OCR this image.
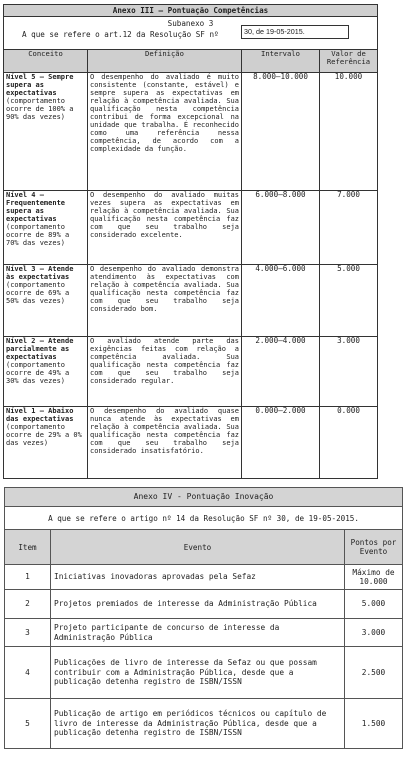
Anexo III – Pontuação Competências			

Subanexo 3
A que se refere o art.12 da Resolução SF nº 30, de 19-05-2015.			

Conceito	Definição	Intervalo	Valor de Referência

Nível 5 – Sempre supera as expectativas
(comportamento ocorre de 100% a 90% das vezes)	O desempenho do avaliado é muito consistente (constante, estável) e sempre supera as expectativas em relação à competência avaliada. Sua qualificação nesta competência contribui de forma excepcional na unidade que trabalha. É reconhecido como uma referência nessa competência, de acordo com a complexidade da função.	8.000–10.000	10.000

Nível 4 – Frequentemente supera as expectativas
(comportamento ocorre de 89% a 70% das vezes)	O desempenho do avaliado muitas vezes supera as expectativas em relação à competência avaliada. Sua qualificação nesta competência faz com que seu trabalho seja considerado excelente.	6.000–8.000	7.000

Nível 3 – Atende às expectativas
(comportamento ocorre de 69% a 50% das vezes)	O desempenho do avaliado demonstra atendimento às expectativas com relação à competência avaliada. Sua qualificação nesta competência faz com que seu trabalho seja considerado bom.	4.000–6.000	5.000

Nível 2 – Atende parcialmente as expectativas
(comportamento ocorre de 49% a 30% das vezes)	O avaliado atende parte das exigências feitas com relação a competência avaliada. Sua qualificação nesta competência faz com que seu trabalho seja considerado regular.	2.000–4.000	3.000

Nível 1 – Abaixo das expectativas
(comportamento ocorre de 29% a 0% das vezes)	O desempenho do avaliado quase nunca atende às expectativas em relação à competência avaliada. Sua qualificação nesta competência faz com que seu trabalho seja considerado insatisfatório.	0.000–2.000	0.000
Anexo IV - Pontuação Inovação		
A que se refere o artigo nº 14 da Resolução SF nº 30, de 19-05-2015.		
Item	Evento	Pontos por Evento
1	Iniciativas inovadoras aprovadas pela Sefaz	Máximo de 10.000
2	Projetos premiados de interesse da Administração Pública	5.000
3	Projeto participante de concurso de interesse da Administração Pública	3.000
4	Publicações de livro de interesse da Sefaz ou que possam contribuir com a Administração Pública, desde que a publicação detenha registro de ISBN/ISSN	2.500
5	Publicação de artigo em periódicos técnicos ou capítulo de livro de interesse da Administração Pública, desde que a publicação detenha registro de ISBN/ISSN	1.500
